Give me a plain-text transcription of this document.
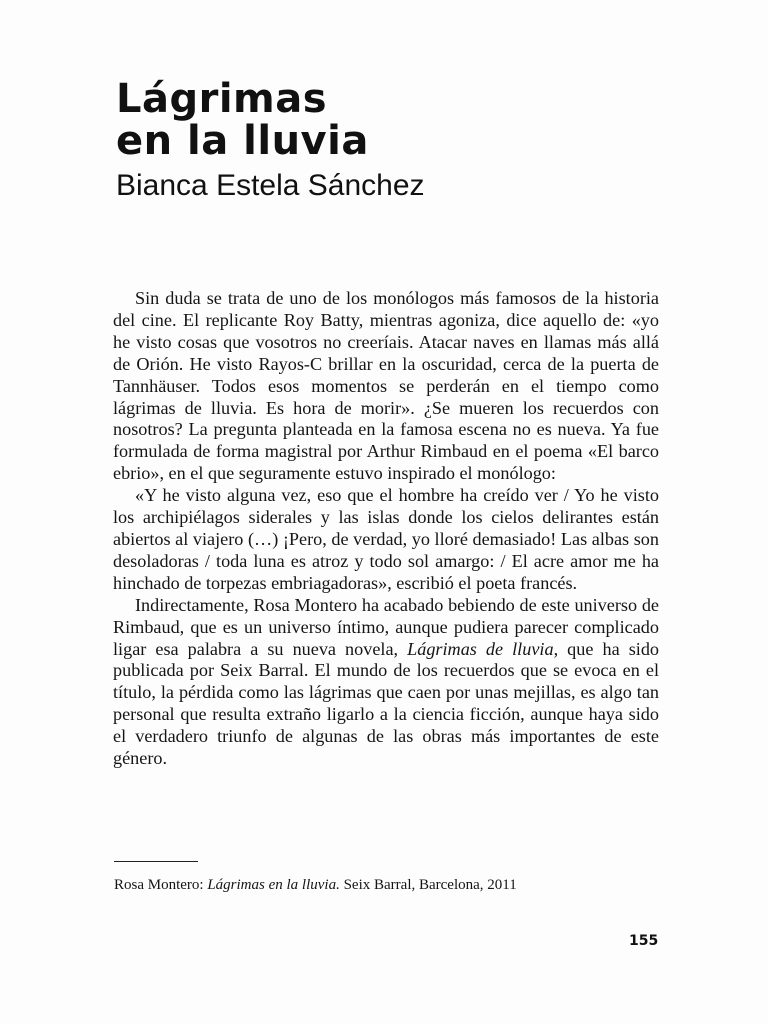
Lágrimas
en la lluvia
Bianca Estela Sánchez

Sin duda se trata de uno de los monólogos más famosos de la historia del cine. El replicante Roy Batty, mientras agoniza, dice aquello de: «yo he visto cosas que vosotros no creeríais. Atacar naves en llamas más allá de Orión. He visto Rayos-C brillar en la oscuridad, cerca de la puerta de Tannhäuser. Todos esos momentos se perderán en el tiempo como lágrimas de lluvia. Es hora de morir». ¿Se mueren los recuerdos con nosotros? La pregunta planteada en la famosa escena no es nueva. Ya fue formulada de forma magistral por Arthur Rimbaud en el poema «El barco ebrio», en el que seguramente estuvo inspirado el monólogo:

«Y he visto alguna vez, eso que el hombre ha creído ver / Yo he visto los archipiélagos siderales y las islas donde los cielos delirantes están abiertos al viajero (…) ¡Pero, de verdad, yo lloré demasiado! Las albas son desoladoras / toda luna es atroz y todo sol amargo: / El acre amor me ha hinchado de torpezas embriagadoras», escribió el poeta francés.

Indirectamente, Rosa Montero ha acabado bebiendo de este universo de Rimbaud, que es un universo íntimo, aunque pudiera parecer complicado ligar esa palabra a su nueva novela, Lágrimas de lluvia, que ha sido publicada por Seix Barral. El mundo de los recuerdos que se evoca en el título, la pérdida como las lágrimas que caen por unas mejillas, es algo tan personal que resulta extraño ligarlo a la ciencia ficción, aunque haya sido el verdadero triunfo de algunas de las obras más importantes de este género.

Rosa Montero: Lágrimas en la lluvia. Seix Barral, Barcelona, 2011
155
